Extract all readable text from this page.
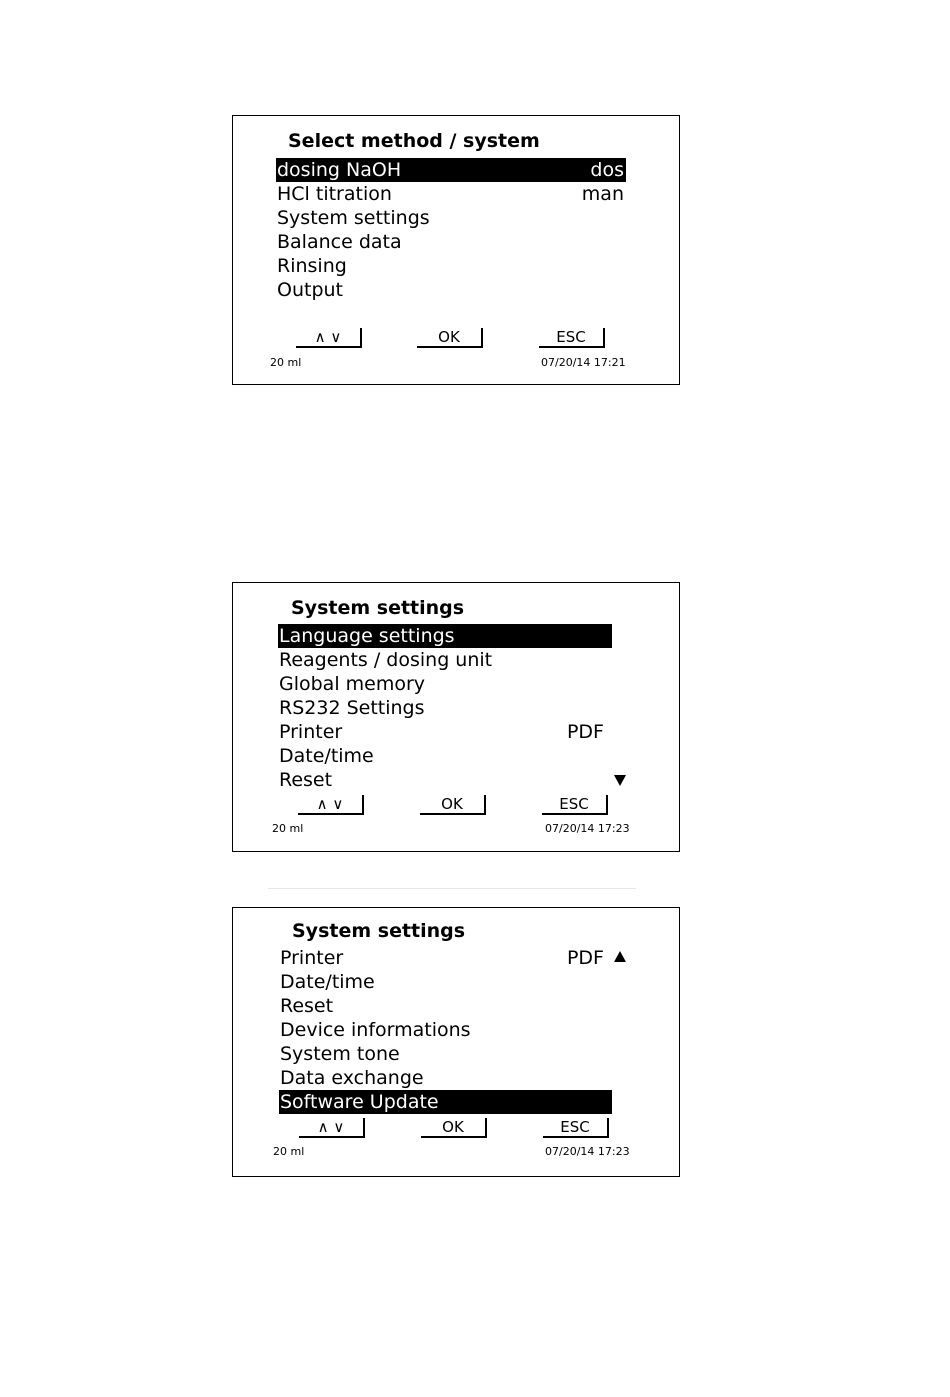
Select method / system
dosing NaOH	dos
HCl titration	man
System settings
Balance data
Rinsing
Output
∧ ∨	OK	ESC
20 ml	07/20/14 17:21
System settings
Language settings
Reagents / dosing unit
Global memory
RS232 Settings
Printer	PDF
Date/time
Reset
∧ ∨	OK	ESC
20 ml	07/20/14 17:23
System settings
Printer	PDF
Date/time
Reset
Device informations
System tone
Data exchange
Software Update
∧ ∨	OK	ESC
20 ml	07/20/14 17:23
